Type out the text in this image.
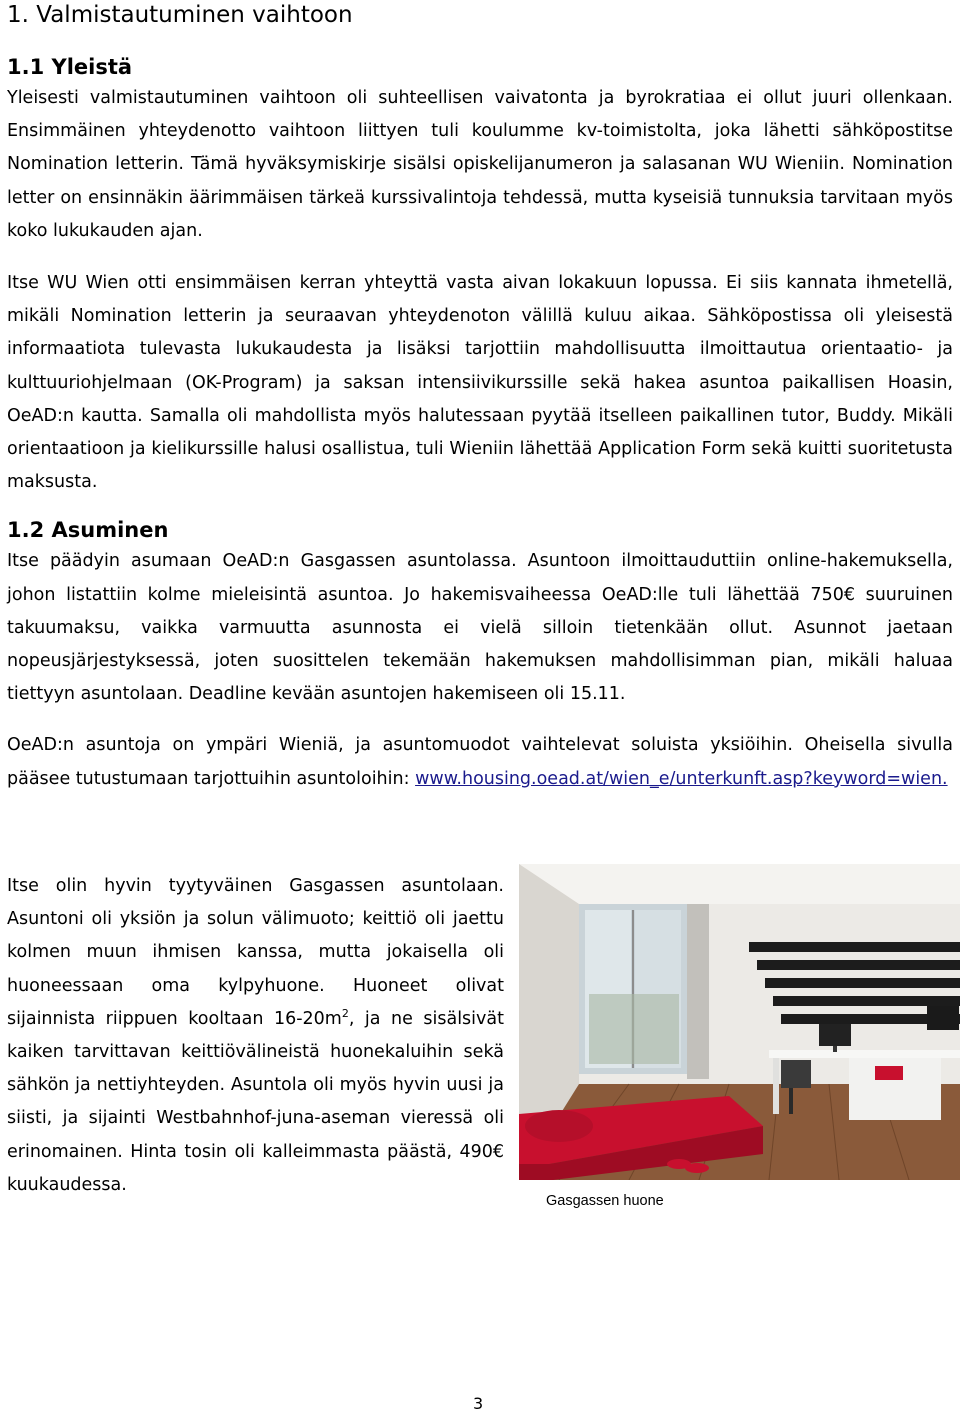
1. Valmistautuminen vaihtoon
1.1 Yleistä

Yleisesti valmistautuminen vaihtoon oli suhteellisen vaivatonta ja byrokratiaa ei ollut juuri ollenkaan. Ensimmäinen yhteydenotto vaihtoon liittyen tuli koulumme kv-toimistolta, joka lähetti sähköpostitse Nomination letterin. Tämä hyväksymiskirje sisälsi opiskelijanumeron ja salasanan WU Wieniin. Nomination letter on ensinnäkin äärimmäisen tärkeä kurssivalintoja tehdessä, mutta kyseisiä tunnuksia tarvitaan myös koko lukukauden ajan.

Itse WU Wien otti ensimmäisen kerran yhteyttä vasta aivan lokakuun lopussa. Ei siis kannata ihmetellä, mikäli Nomination letterin ja seuraavan yhteydenoton välillä kuluu aikaa. Sähköpostissa oli yleisestä informaatiota tulevasta lukukaudesta ja lisäksi tarjottiin mahdollisuutta ilmoittautua orientaatio- ja kulttuuriohjelmaan (OK-Program) ja saksan intensiivikurssille sekä hakea asuntoa paikallisen Hoasin, OeAD:n kautta. Samalla oli mahdollista myös halutessaan pyytää itselleen paikallinen tutor, Buddy. Mikäli orientaatioon ja kielikurssille halusi osallistua, tuli Wieniin lähettää Application Form sekä kuitti suoritetusta maksusta.

1.2 Asuminen

Itse päädyin asumaan OeAD:n Gasgassen asuntolassa. Asuntoon ilmoittauduttiin online-hakemuksella, johon listattiin kolme mieleisintä asuntoa. Jo hakemisvaiheessa OeAD:lle tuli lähettää 750€ suuruinen takuumaksu, vaikka varmuutta asunnosta ei vielä silloin tietenkään ollut. Asunnot jaetaan nopeusjärjestyksessä, joten suosittelen tekemään hakemuksen mahdollisimman pian, mikäli haluaa tiettyyn asuntolaan. Deadline kevään asuntojen hakemiseen oli 15.11.

OeAD:n asuntoja on ympäri Wieniä, ja asuntomuodot vaihtelevat soluista yksiöihin. Oheisella sivulla pääsee tutustumaan tarjottuihin asuntoloihin: www.housing.oead.at/wien_e/unterkunft.asp?keyword=wien.

Itse olin hyvin tyytyväinen Gasgassen asuntolaan. Asuntoni oli yksiön ja solun välimuoto; keittiö oli jaettu kolmen muun ihmisen kanssa, mutta jokaisella oli huoneessaan oma kylpyhuone. Huoneet olivat sijainnista riippuen kooltaan $16-20m^2$, ja ne sisälsivät kaiken tarvittavan keittiövälineistä huonekaluihin sekä sähkön ja nettiyhteyden. Asuntola oli myös hyvin uusi ja siisti, ja sijainti Westbahnhof-juna-aseman vieressä oli erinomainen. Hinta tosin oli kalleimmasta päästä, 490€ kuukaudessa.

Gasgassen huone
3
